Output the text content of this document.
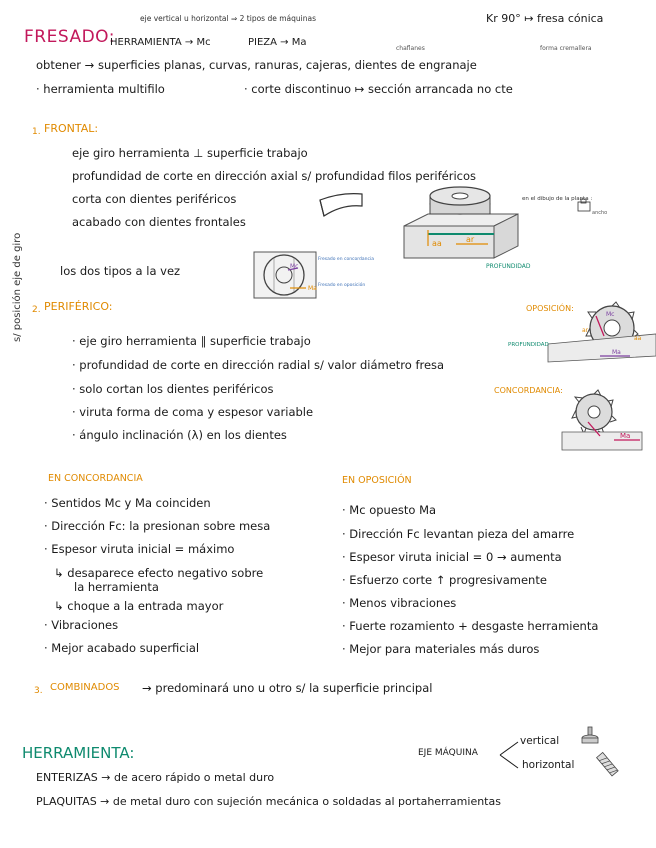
eje vertical u horizontal ⇒ 2 tipos de máquinas	Kr 90° ↦ fresa cónica
FRESADO:
HERRAMIENTA → Mc	PIEZA → Ma
chaflanes	forma cremallera
obtener → superficies planas, curvas, ranuras, cajeras, dientes de engranaje
· herramienta multifilo	· corte discontinuo ↦ sección arrancada no cte
s/ posición eje de giro
1. FRONTAL:
eje giro herramienta ⊥ superficie trabajo
profundidad de corte en dirección axial s/ profundidad filos periféricos
corta con dientes periféricos
acabado con dientes frontales
los dos tipos a la vez
Fresado en concordancia
Fresado en oposición
Mc
Ma
aa	ar
PROFUNDIDAD
en el dibujo de la planta :
ancho
2. PERIFÉRICO:
· eje giro herramienta ∥ superficie trabajo
· profundidad de corte en dirección radial s/ valor diámetro fresa
· solo cortan los dientes periféricos
· viruta forma de coma y espesor variable
· ángulo inclinación (λ) en los dientes
OPOSICIÓN:
ar
aa
Mc
Ma
PROFUNDIDAD
CONCORDANCIA:
Ma
EN CONCORDANCIA
· Sentidos Mc y Ma coinciden
· Dirección Fc: la presionan sobre mesa
· Espesor viruta inicial = máximo
↳ desaparece efecto negativo sobre
la herramienta
↳ choque a la entrada mayor
· Vibraciones
· Mejor acabado superficial
EN OPOSICIÓN
· Mc opuesto Ma
· Dirección Fc levantan pieza del amarre
· Espesor viruta inicial = 0 → aumenta
· Esfuerzo corte ↑ progresivamente
· Menos vibraciones
· Fuerte rozamiento + desgaste herramienta
· Mejor para materiales más duros
3. COMBINADOS → predominará uno u otro s/ la superficie principal
HERRAMIENTA:	EJE MÁQUINA
vertical
horizontal
ENTERIZAS → de acero rápido o metal duro
PLAQUITAS → de metal duro con sujeción mecánica o soldadas al portaherramientas
